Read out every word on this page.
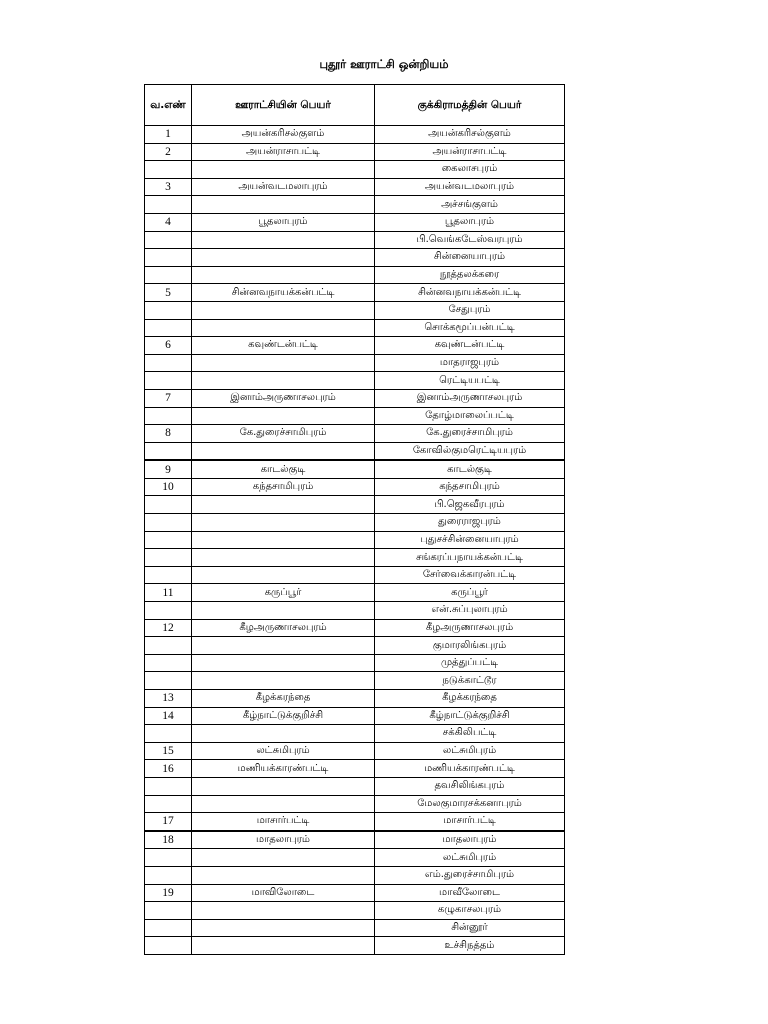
புதூர் ஊராட்சி ஒன்றியம்
வ.எண்	ஊராட்சியின் பெயர்	குக்கிராமத்தின் பெயர்
1	அயன்கரிசல்குளம்	அயன்கரிசல்குளம்
2	அயன்ராசாபட்டி	அயன்ராசாபட்டி
		கைலாசபுரம்
3	அயன்வடமலாபுரம்	அயன்வடமலாபுரம்
		அச்சங்குளம்
4	பூதலாபுரம்	பூதலாபுரம்
		பி.வெங்கடேஸ்வரபுரம்
		சின்னையாபுரம்
		நூத்தலக்கரை
5	சின்னவநாயக்கன்பட்டி	சின்னவநாயக்கன்பட்டி
		சேதுபுரம்
		சொக்கமூப்பன்பட்டி
6	கவுண்டன்பட்டி	கவுண்டன்பட்டி
		மாதராஜபுரம்
		ரெட்டியபட்டி
7	இனாம்அருணாசலபுரம்	இனாம்அருணாசலபுரம்
		தோழ்மாலைப்பட்டி
8	கே.துரைச்சாமிபுரம்	கே.துரைச்சாமிபுரம்
		கோவில்குமரெட்டியபுரம்
9	காடல்குடி	காடல்குடி
10	கந்தசாமிபுரம்	கந்தசாமிபுரம்
		பி.ஜெகவீரபுரம்
		துரைராஜபுரம்
		புதுசச்சின்னையாபுரம்
		சங்கரப்பநாயக்கன்பட்டி
		சேர்வைக்காரன்பட்டி
11	கருப்பூர்	கருப்பூர்
		என்.சுப்புலாபுரம்
12	கீழஅருணாசலபுரம்	கீழஅருணாசலபுரம்
		குமாரலிங்கபுரம்
		முத்துப்பட்டி
		நடுக்காட்டூர
13	கீழக்கரந்தை	கீழக்கரந்தை
14	கீழ்நாட்டுக்குறிச்சி	கீழ்நாட்டுக்குறிச்சி
		சக்கிலிபட்டி
15	லட்சுமிபுரம்	லட்சுமிபுரம்
16	மணியக்காரண்பட்டி	மணியக்காரண்பட்டி
		தவசிலிங்கபுரம்
		மேலகுமாரசக்கனாபுரம்
17	மாசார்பட்டி	மாசார்பட்டி
18	மாதலாபுரம்	மாதலாபுரம்
		லட்சுமிபுரம்
		எம்.துரைச்சாமிபுரம்
19	மாவிலோடை	மாவீலோடை
		கழுகாசலபுரம்
		சின்னூர்
		உச்சிநத்தம்
